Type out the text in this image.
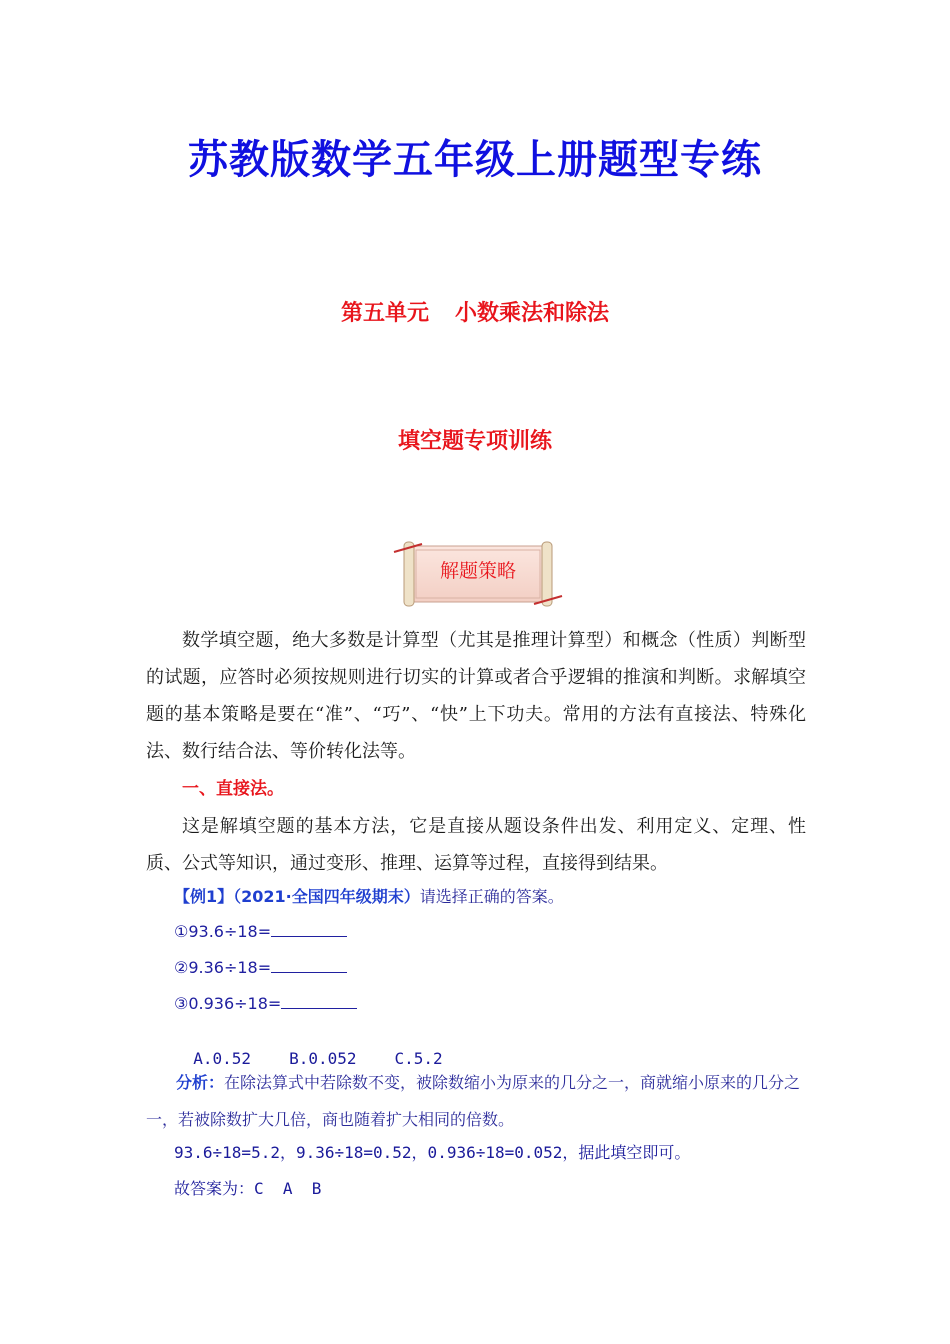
苏教版数学五年级上册题型专练
第五单元 小数乘法和除法
填空题专项训练
解题策略

数学填空题，绝大多数是计算型（尤其是推理计算型）和概念（性质）判断型的试题，应答时必须按规则进行切实的计算或者合乎逻辑的推演和判断。求解填空题的基本策略是要在“准”、“巧”、“快”上下功夫。常用的方法有直接法、特殊化法、数行结合法、等价转化法等。

一、直接法。

这是解填空题的基本方法，它是直接从题设条件出发、利用定义、定理、性质、公式等知识，通过变形、推理、运算等过程，直接得到结果。

【例1】（2021·全国四年级期末）请选择正确的答案。
①93.6÷18=
②9.36÷18=
③0.936÷18=

A.0.52 B.0.052 C.5.2

分析：在除法算式中若除数不变，被除数缩小为原来的几分之一，商就缩小原来的几分之一，若被除数扩大几倍，商也随着扩大相同的倍数。

93.6÷18=5.2，9.36÷18=0.52，0.936÷18=0.052，据此填空即可。
故答案为：C  A  B
